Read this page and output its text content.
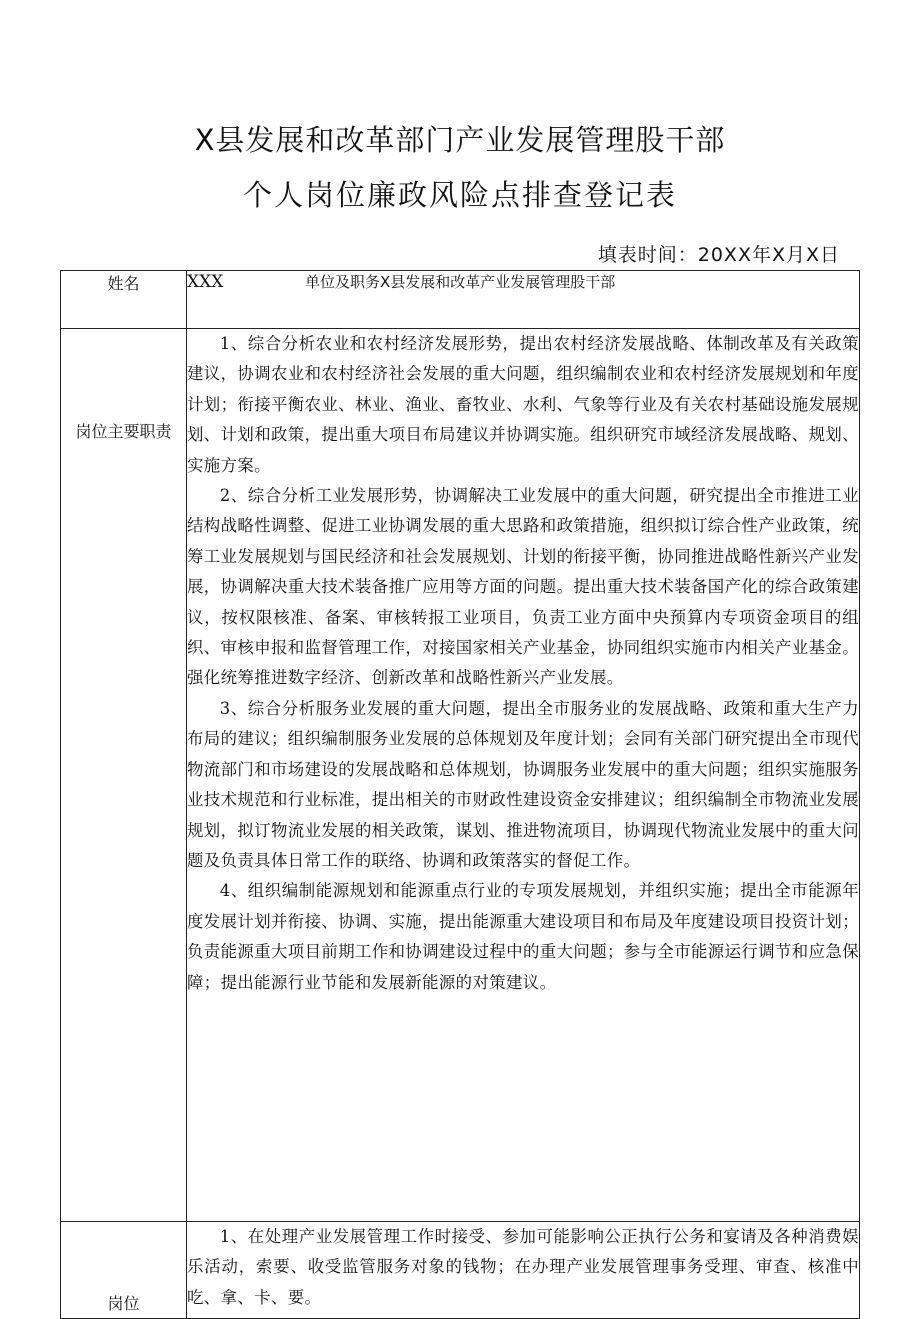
X县发展和改革部门产业发展管理股干部
个人岗位廉政风险点排查登记表
填表时间：20XX年X月X日
姓名	XXX 单位及职务X县发展和改革产业发展管理股干部
岗位主要职责	1、综合分析农业和农村经济发展形势，提出农村经济发展战略、体制改革及有关政策建议，协调农业和农村经济社会发展的重大问题，组织编制农业和农村经济发展规划和年度计划；衔接平衡农业、林业、渔业、畜牧业、水利、气象等行业及有关农村基础设施发展规划、计划和政策，提出重大项目布局建议并协调实施。组织研究市域经济发展战略、规划、实施方案。

2、综合分析工业发展形势，协调解决工业发展中的重大问题，研究提出全市推进工业结构战略性调整、促进工业协调发展的重大思路和政策措施，组织拟订综合性产业政策，统筹工业发展规划与国民经济和社会发展规划、计划的衔接平衡，协同推进战略性新兴产业发展，协调解决重大技术装备推广应用等方面的问题。提出重大技术装备国产化的综合政策建议，按权限核准、备案、审核转报工业项目，负责工业方面中央预算内专项资金项目的组织、审核申报和监督管理工作，对接国家相关产业基金，协同组织实施市内相关产业基金。强化统筹推进数字经济、创新改革和战略性新兴产业发展。

3、综合分析服务业发展的重大问题，提出全市服务业的发展战略、政策和重大生产力布局的建议；组织编制服务业发展的总体规划及年度计划；会同有关部门研究提出全市现代物流部门和市场建设的发展战略和总体规划，协调服务业发展中的重大问题；组织实施服务业技术规范和行业标准，提出相关的市财政性建设资金安排建议；组织编制全市物流业发展规划，拟订物流业发展的相关政策，谋划、推进物流项目，协调现代物流业发展中的重大问题及负责具体日常工作的联络、协调和政策落实的督促工作。

4、组织编制能源规划和能源重点行业的专项发展规划，并组织实施；提出全市能源年度发展计划并衔接、协调、实施，提出能源重大建设项目和布局及年度建设项目投资计划；负责能源重大项目前期工作和协调建设过程中的重大问题；参与全市能源运行调节和应急保障；提出能源行业节能和发展新能源的对策建议。

岗位	1、在处理产业发展管理工作时接受、参加可能影响公正执行公务和宴请及各种消费娱乐活动，索要、收受监管服务对象的钱物；在办理产业发展管理事务受理、审查、核准中吃、拿、卡、要。
